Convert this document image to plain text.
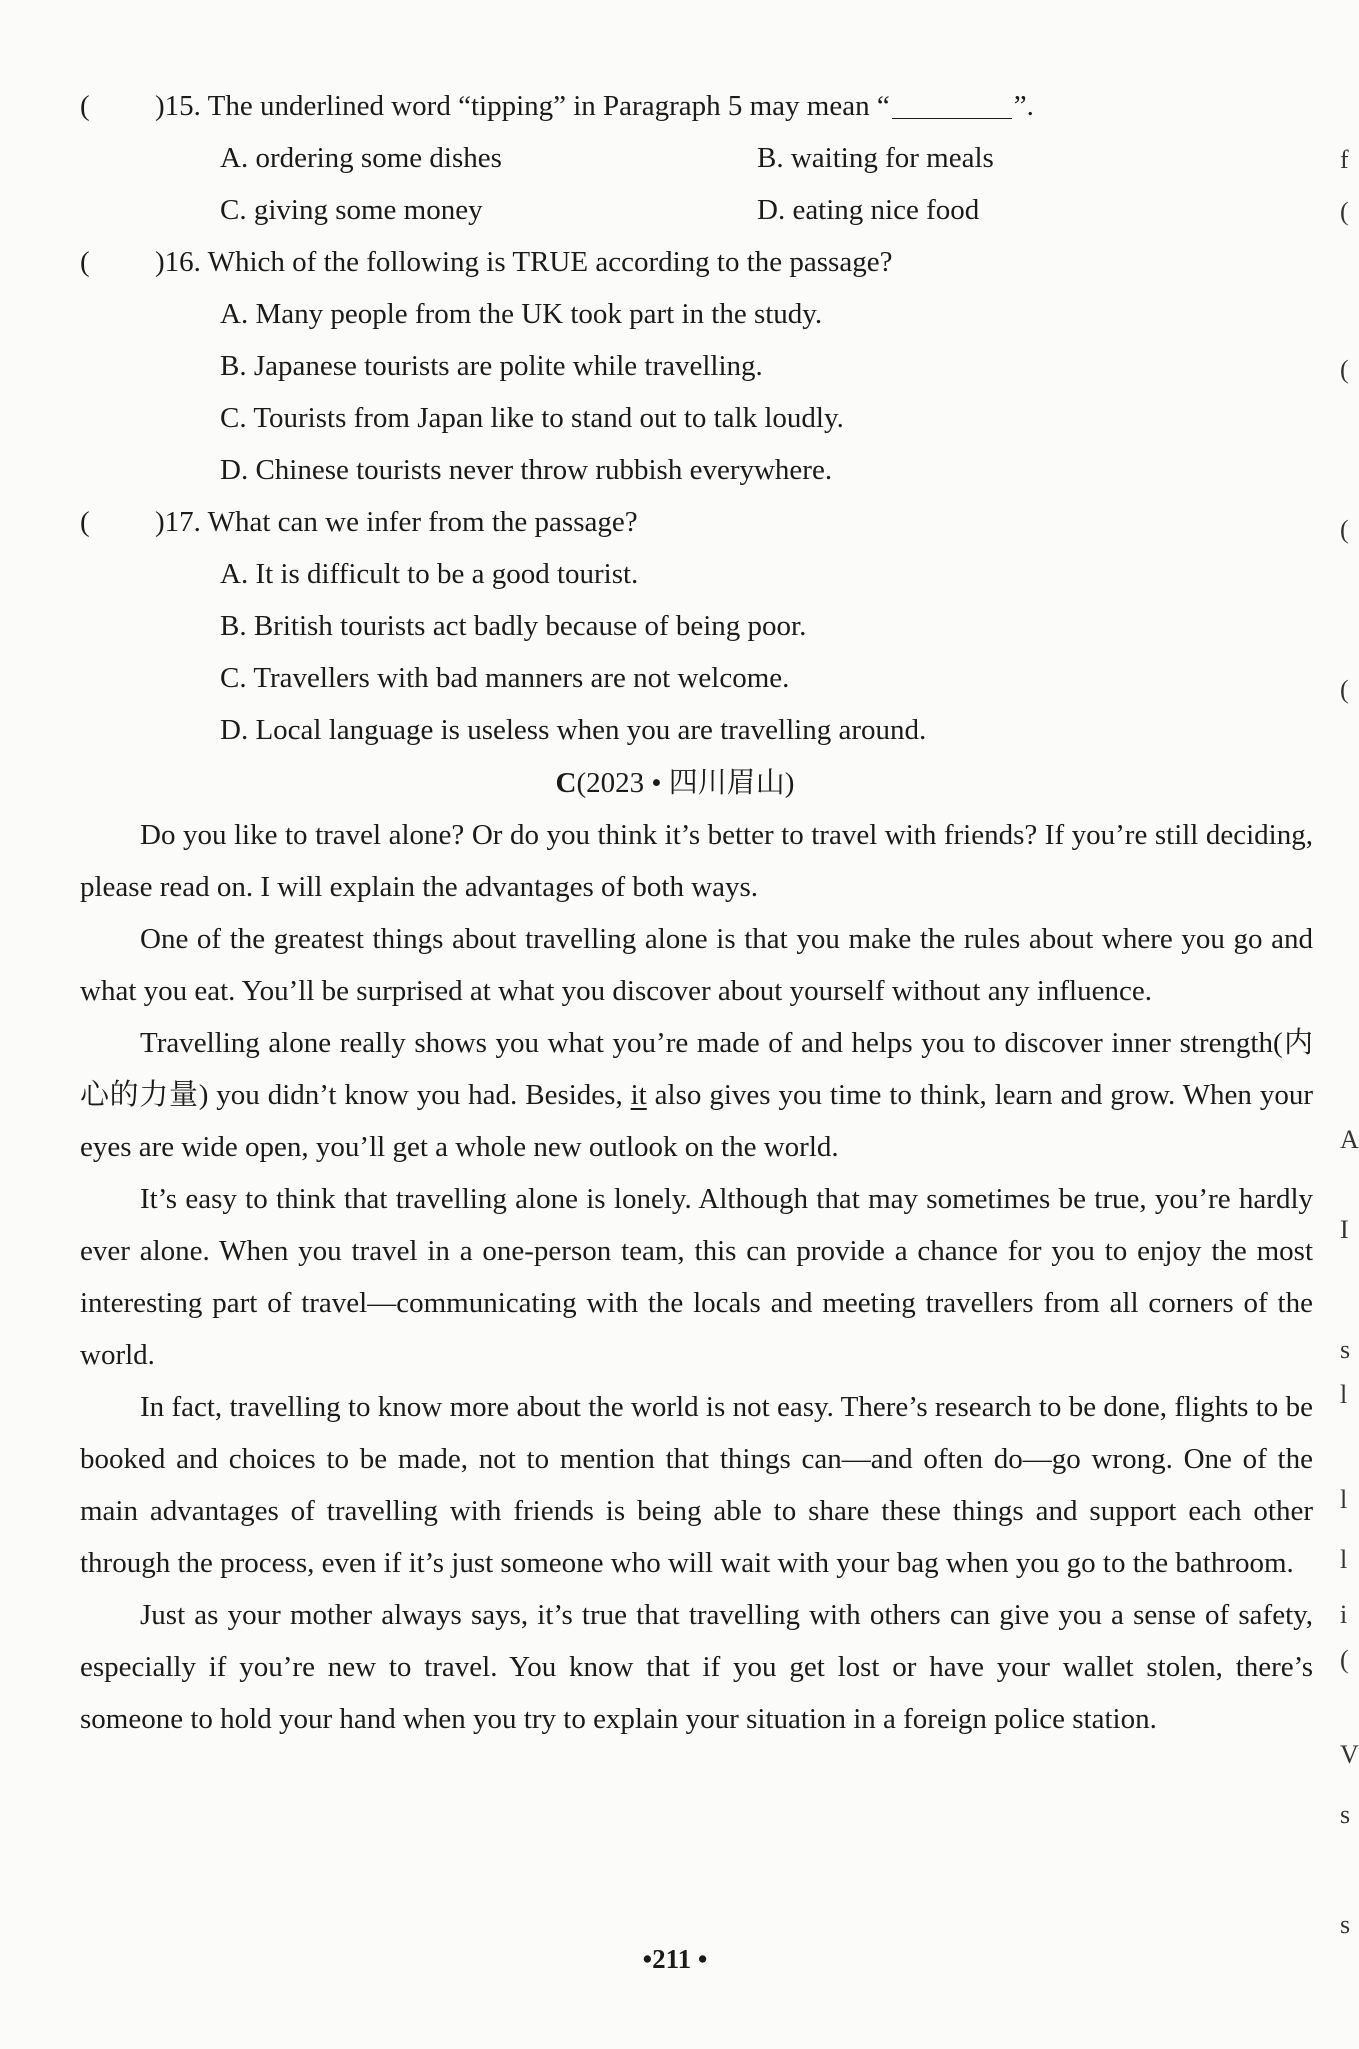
( )15. The underlined word “tipping” in Paragraph 5 may mean “	”.
A. ordering some dishes	B. waiting for meals
C. giving some money	D. eating nice food
( )16. Which of the following is TRUE according to the passage?
A. Many people from the UK took part in the study.
B. Japanese tourists are polite while travelling.
C. Tourists from Japan like to stand out to talk loudly.
D. Chinese tourists never throw rubbish everywhere.
( )17. What can we infer from the passage?
A. It is difficult to be a good tourist.
B. British tourists act badly because of being poor.
C. Travellers with bad manners are not welcome.
D. Local language is useless when you are travelling around.
C(2023 • 四川眉山)

Do you like to travel alone? Or do you think it’s better to travel with friends? If you’re still deciding, please read on. I will explain the advantages of both ways.

One of the greatest things about travelling alone is that you make the rules about where you go and what you eat. You’ll be surprised at what you discover about yourself without any influence.

Travelling alone really shows you what you’re made of and helps you to discover inner strength(内心的力量) you didn’t know you had. Besides, it also gives you time to think, learn and grow. When your eyes are wide open, you’ll get a whole new outlook on the world.

It’s easy to think that travelling alone is lonely. Although that may sometimes be true, you’re hardly ever alone. When you travel in a one-person team, this can provide a chance for you to enjoy the most interesting part of travel—communicating with the locals and meeting travellers from all corners of the world.

In fact, travelling to know more about the world is not easy. There’s research to be done, flights to be booked and choices to be made, not to mention that things can—and often do—go wrong. One of the main advantages of travelling with friends is being able to share these things and support each other through the process, even if it’s just someone who will wait with your bag when you go to the bathroom.

Just as your mother always says, it’s true that travelling with others can give you a sense of safety, especially if you’re new to travel. You know that if you get lost or have your wallet stolen, there’s someone to hold your hand when you try to explain your situation in a foreign police station.

•211 •
f
(
(
(
(
A
I
s
l
l
l
i
(
V
s
s
